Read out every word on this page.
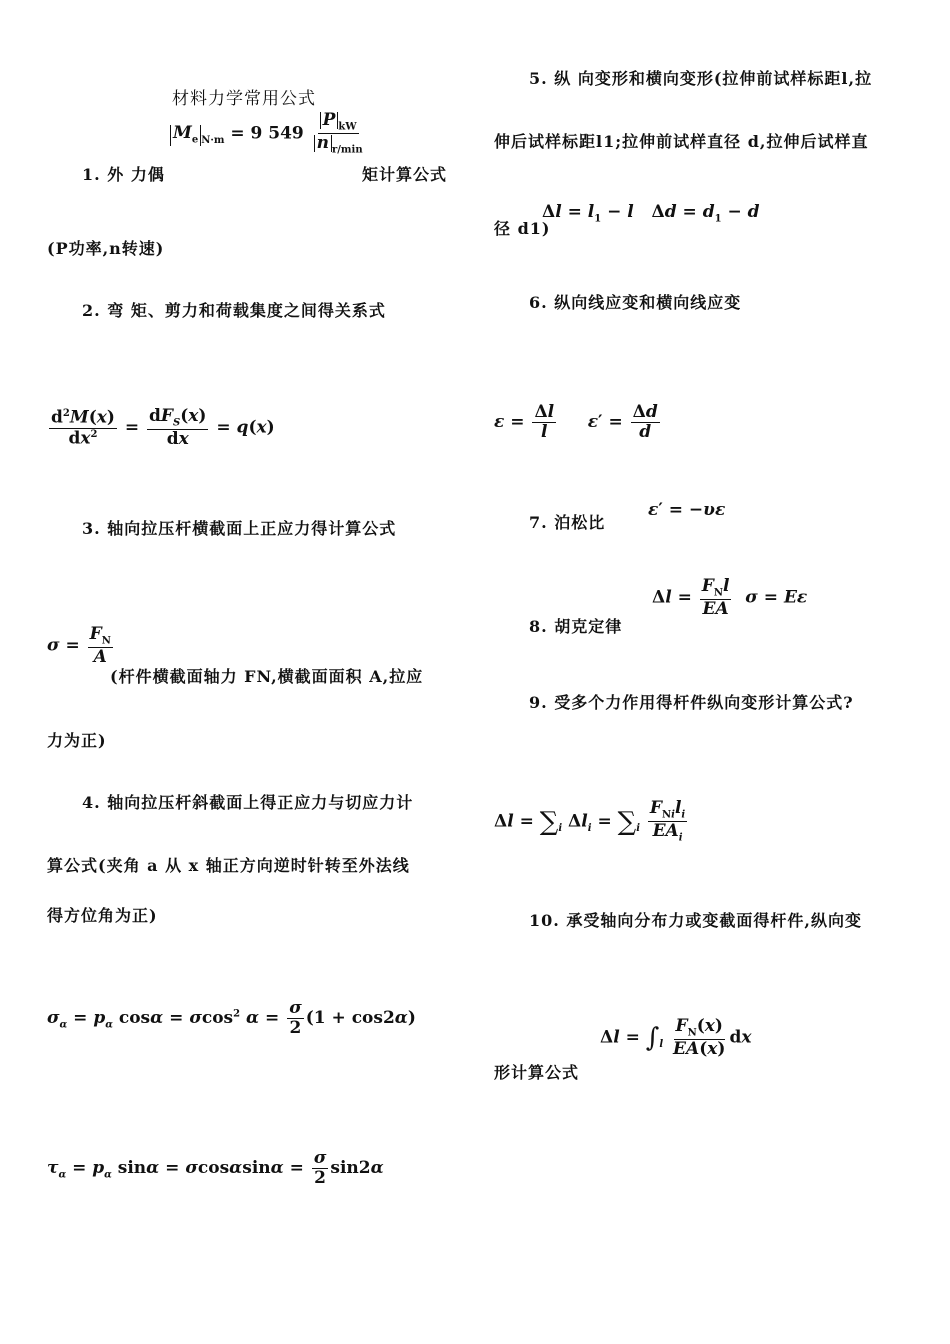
材料力学常用公式
$M_e$ $_{N\cdot m}$ = 9 $549 \frac{P _{kW}}{n _{r/min}}$
1. 外 力偶	矩计算公式
(P功率,n转速)
2. 弯 矩、剪力和荷载集度之间得关系式
$\frac{d^2M(x)}{dx^2} = \frac{dF_S(x)}{dx} = q(x)$
3. 轴向拉压杆横截面上正应力得计算公式
$\sigma = \frac{F_N}{A}$
(杆件横截面轴力 FN,横截面面积 A,拉应
力为正)
4. 轴向拉压杆斜截面上得正应力与切应力计
算公式(夹角 a 从 x 轴正方向逆时针转至外法线
得方位角为正)
$\sigma_\alpha = p_\alpha$ cosα = σcos$^2$ $\alpha = \frac{\sigma}{2} (1 + \cos 2\alpha)$
$\tau_\alpha = p_\alpha$ $\sin\alpha = \sigma\cos\alpha\sin\alpha = \frac{\sigma}{2} \sin 2\alpha$
5. 纵 向变形和横向变形(拉伸前试样标距l,拉
伸后试样标距l1;拉伸前试样直径 d,拉伸后试样直
径 d1)
$\Delta l = l_1 - l$   $\Delta d = d_1 - d$
6. 纵向线应变和横向线应变
$\varepsilon = \frac{\Delta l}{l} \varepsilon' = \frac{\Delta d}{d}$
7. 泊松比
ε′ = −υε
$\Delta l = \frac{F_Nl}{EA}$ σ = Eε
8. 胡克定律
9. 受多个力作用得杆件纵向变形计算公式?
$\Delta l = \sum_i$ $\Delta l_i = \sum_i \frac{F_{Ni}l_i}{EA_i}$
10. 承受轴向分布力或变截面得杆件,纵向变
$\Delta l = \int_l \frac{F_N(x)}{EA(x)}$ dx
形计算公式
